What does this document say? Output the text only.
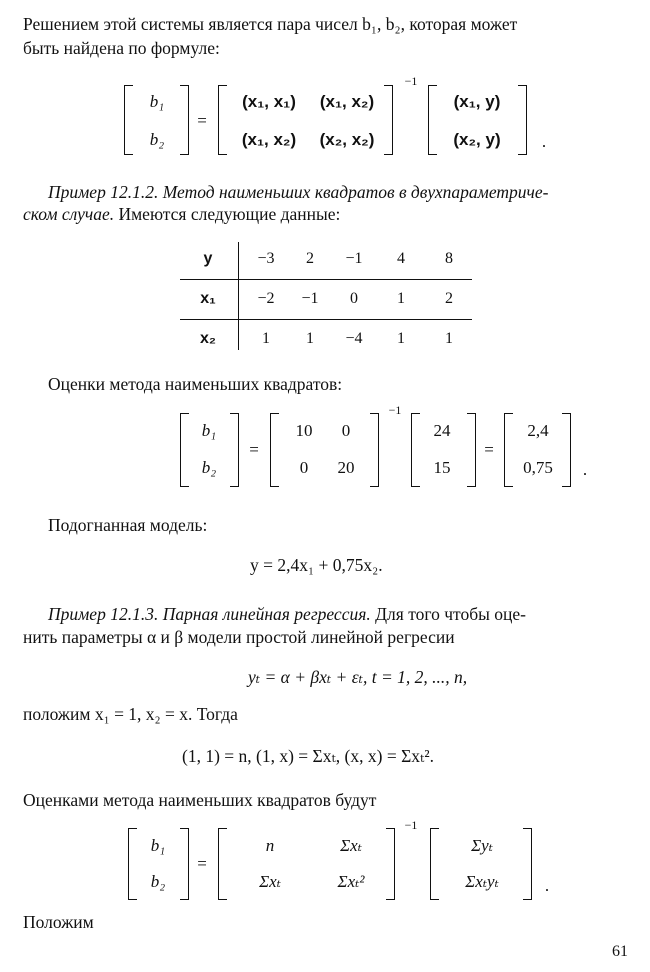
Решением этой системы является пара чисел b₁, b₂, которая может
быть найдена по формуле:
b₁
b₂
=
(x₁, x₁)	(x₁, x₂)
(x₁, x₂)	(x₂, x₂)
−1
(x₁, y)
(x₂, y)	.
Пример 12.1.2. Метод наименьших квадратов в двухпараметриче-
ском случае. Имеются следующие данные:
y	−3	2	−1	4	8
x₁	−2	−1	0	1	2
x₂	1	1	−4	1	1
Оценки метода наименьших квадратов:
b₁
b₂
=
10	0
0	20
−1
24
15
=
2,4
0,75	.
Подогнанная модель:
y = 2,4x₁ + 0,75x₂.
Пример 12.1.3. Парная линейная регрессия. Для того чтобы оце-
нить параметры α и β модели простой линейной регресии
yₜ = α + βxₜ + εₜ, t = 1, 2, ..., n,
положим x₁ = 1, x₂ = x. Тогда
(1, 1) = n, (1, x) = Σxₜ, (x, x) = Σxₜ².
Оценками метода наименьших квадратов будут
b₁
b₂
=
n	Σxₜ
Σxₜ	Σxₜ²
−1
Σyₜ
Σxₜyₜ	.
Положим
61
